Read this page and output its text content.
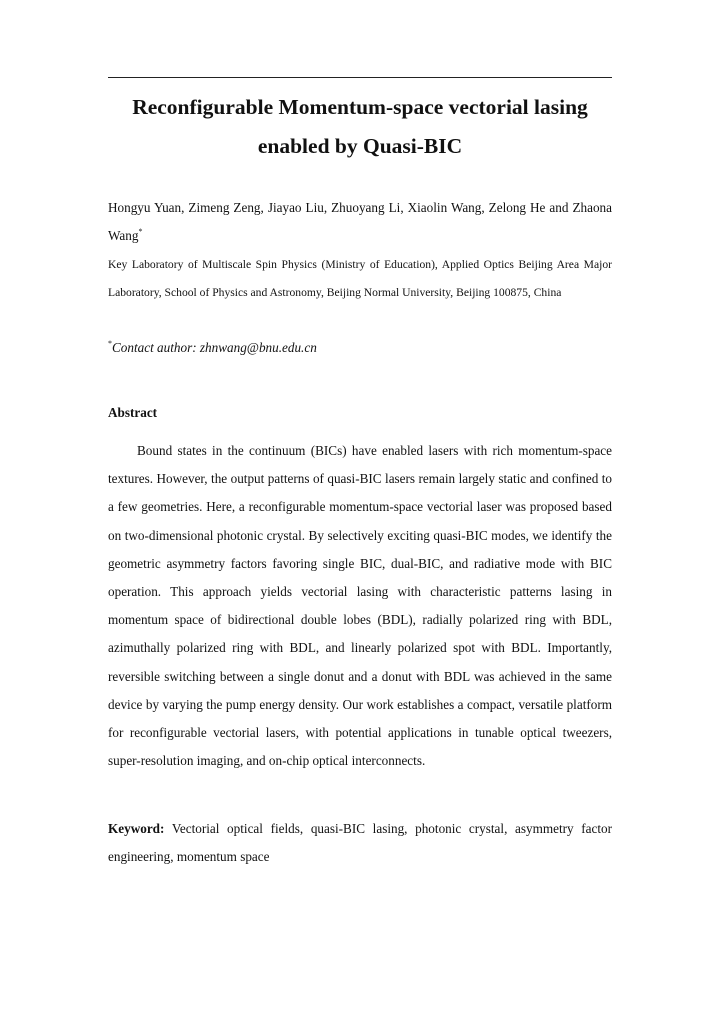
Reconfigurable Momentum-space vectorial lasing
enabled by Quasi-BIC
Hongyu Yuan, Zimeng Zeng, Jiayao Liu, Zhuoyang Li, Xiaolin Wang, Zelong He and Zhaona Wang*
Key Laboratory of Multiscale Spin Physics (Ministry of Education), Applied Optics Beijing Area Major Laboratory, School of Physics and Astronomy, Beijing Normal University, Beijing 100875, China
*Contact author: zhnwang@bnu.edu.cn
Abstract

Bound states in the continuum (BICs) have enabled lasers with rich momentum-space textures. However, the output patterns of quasi-BIC lasers remain largely static and confined to a few geometries. Here, a reconfigurable momentum-space vectorial laser was proposed based on two-dimensional photonic crystal. By selectively exciting quasi-BIC modes, we identify the geometric asymmetry factors favoring single BIC, dual-BIC, and radiative mode with BIC operation. This approach yields vectorial lasing with characteristic patterns lasing in momentum space of bidirectional double lobes (BDL), radially polarized ring with BDL, azimuthally polarized ring with BDL, and linearly polarized spot with BDL. Importantly, reversible switching between a single donut and a donut with BDL was achieved in the same device by varying the pump energy density. Our work establishes a compact, versatile platform for reconfigurable vectorial lasers, with potential applications in tunable optical tweezers, super-resolution imaging, and on-chip optical interconnects.

Keyword: Vectorial optical fields, quasi-BIC lasing, photonic crystal, asymmetry factor engineering, momentum space
